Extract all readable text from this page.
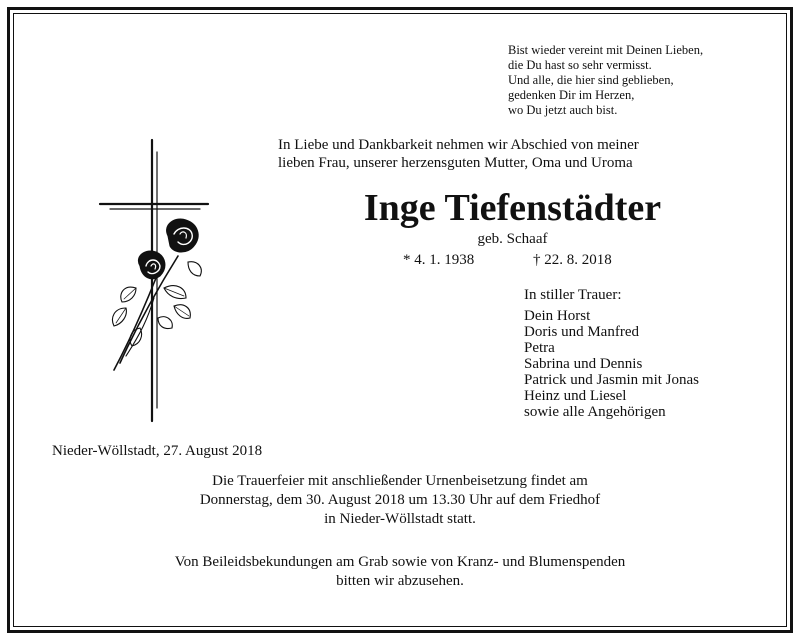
Bist wieder vereint mit Deinen Lieben,
die Du hast so sehr vermisst.
Und alle, die hier sind geblieben,
gedenken Dir im Herzen,
wo Du jetzt auch bist.
In Liebe und Dankbarkeit nehmen wir Abschied von meiner
lieben Frau, unserer herzensguten Mutter, Oma und Uroma
Inge Tiefenstädter
geb. Schaaf
* 4. 1. 1938	† 22. 8. 2018
In stiller Trauer:
Dein Horst
Doris und Manfred
Petra
Sabrina und Dennis
Patrick und Jasmin mit Jonas
Heinz und Liesel
sowie alle Angehörigen
Nieder-Wöllstadt, 27. August 2018
Die Trauerfeier mit anschließender Urnenbeisetzung findet am
Donnerstag, dem 30. August 2018 um 13.30 Uhr auf dem Friedhof
in Nieder-Wöllstadt statt.
Von Beileidsbekundungen am Grab sowie von Kranz- und Blumenspenden
bitten wir abzusehen.
